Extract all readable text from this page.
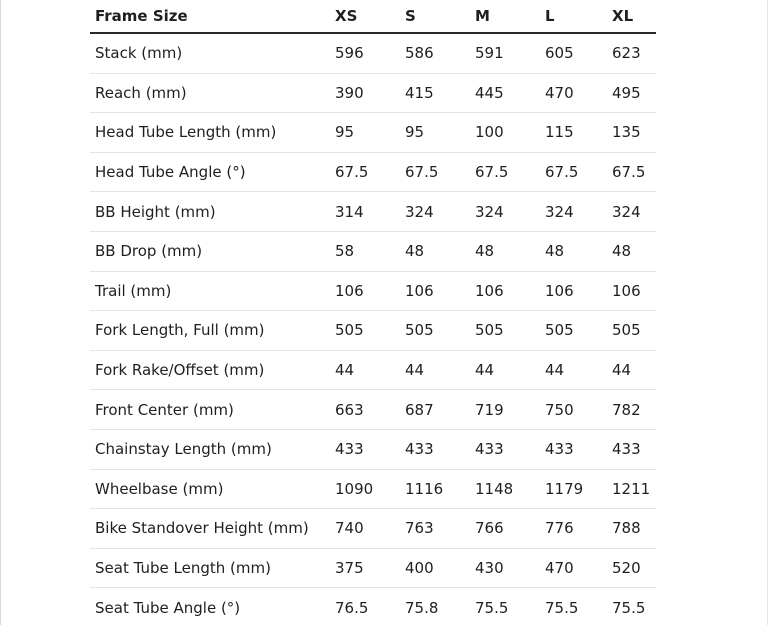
Frame Size	XS	S	M	L	XL
Stack (mm)	596	586	591	605	623
Reach (mm)	390	415	445	470	495
Head Tube Length (mm)	95	95	100	115	135
Head Tube Angle (°)	67.5	67.5	67.5	67.5	67.5
BB Height (mm)	314	324	324	324	324
BB Drop (mm)	58	48	48	48	48
Trail (mm)	106	106	106	106	106
Fork Length, Full (mm)	505	505	505	505	505
Fork Rake/Offset (mm)	44	44	44	44	44
Front Center (mm)	663	687	719	750	782
Chainstay Length (mm)	433	433	433	433	433
Wheelbase (mm)	1090	1116	1148	1179	1211
Bike Standover Height (mm)	740	763	766	776	788
Seat Tube Length (mm)	375	400	430	470	520
Seat Tube Angle (°)	76.5	75.8	75.5	75.5	75.5
